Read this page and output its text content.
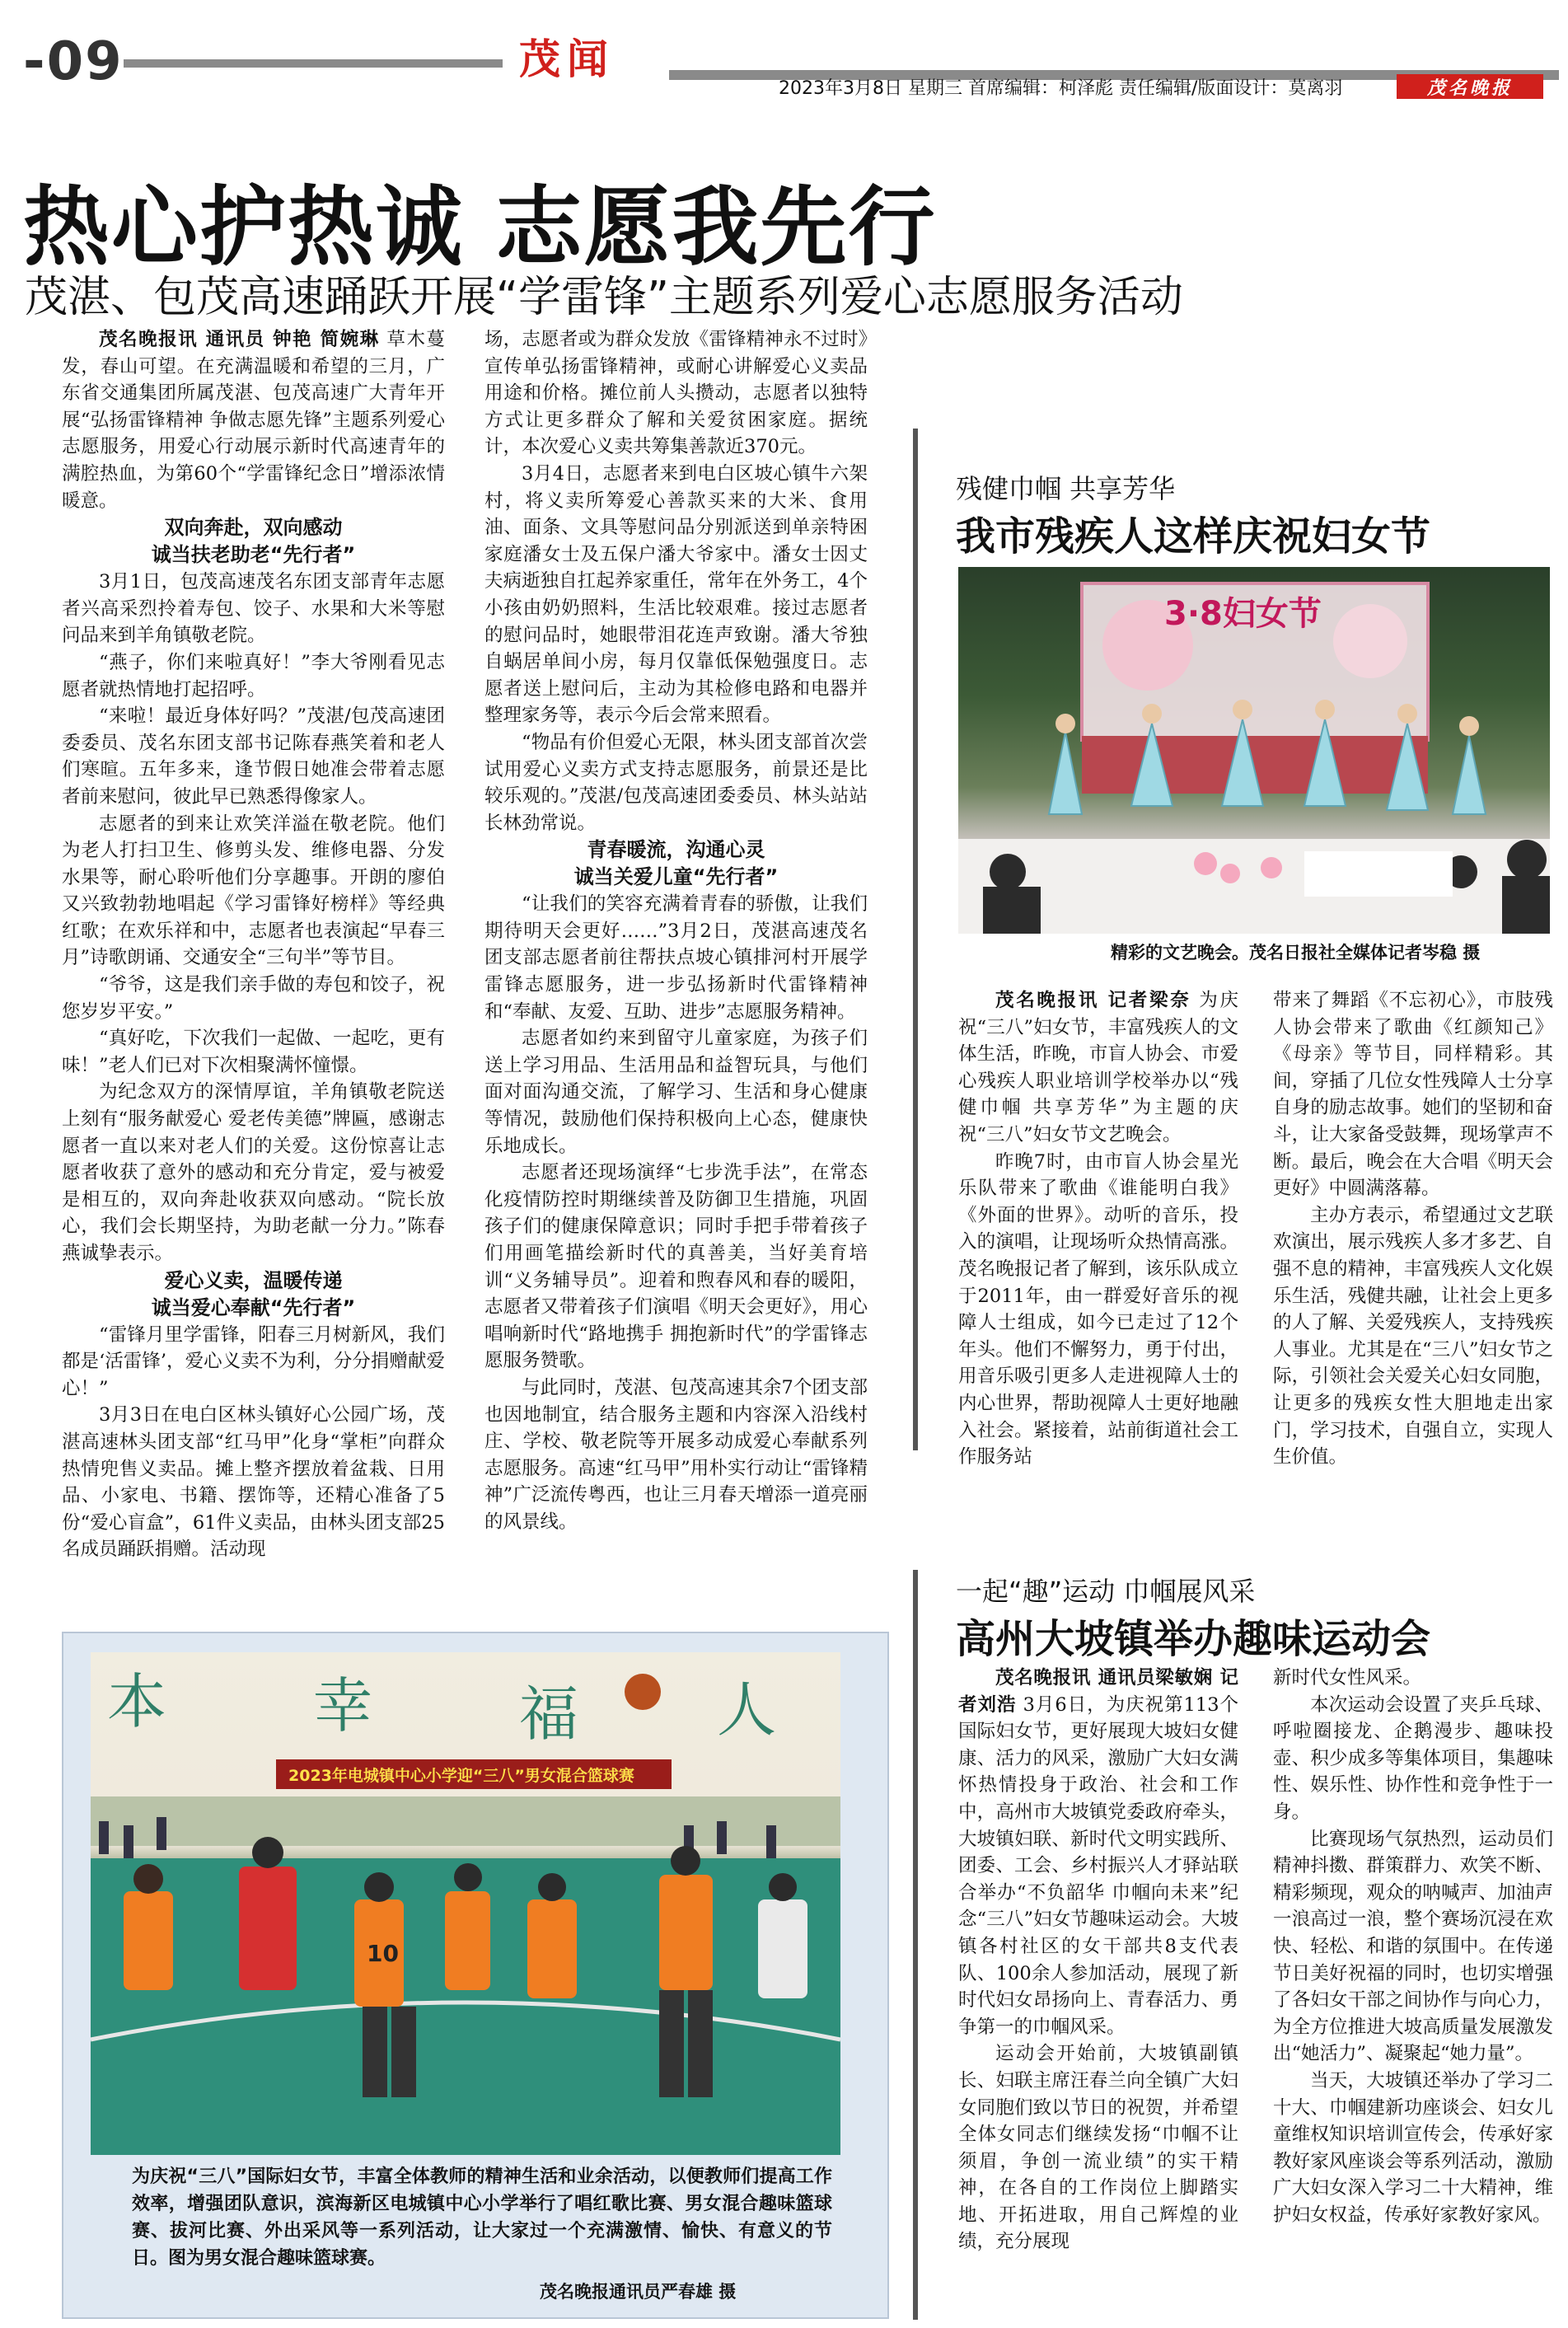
-09	茂闻
2023年3月8日 星期三 首席编辑：柯泽彪 责任编辑/版面设计：莫离羽	茂名晚报
热心护热诚 志愿我先行
茂湛、包茂高速踊跃开展“学雷锋”主题系列爱心志愿服务活动

茂名晚报讯 通讯员 钟艳 简婉琳 草木蔓发，春山可望。在充满温暖和希望的三月，广东省交通集团所属茂湛、包茂高速广大青年开展“弘扬雷锋精神 争做志愿先锋”主题系列爱心志愿服务，用爱心行动展示新时代高速青年的满腔热血，为第60个“学雷锋纪念日”增添浓情暖意。

双向奔赴，双向感动

诚当扶老助老“先行者”

3月1日，包茂高速茂名东团支部青年志愿者兴高采烈拎着寿包、饺子、水果和大米等慰问品来到羊角镇敬老院。

“燕子，你们来啦真好！”李大爷刚看见志愿者就热情地打起招呼。

“来啦！最近身体好吗？”茂湛/包茂高速团委委员、茂名东团支部书记陈春燕笑着和老人们寒暄。五年多来，逢节假日她准会带着志愿者前来慰问，彼此早已熟悉得像家人。

志愿者的到来让欢笑洋溢在敬老院。他们为老人打扫卫生、修剪头发、维修电器、分发水果等，耐心聆听他们分享趣事。开朗的廖伯又兴致勃勃地唱起《学习雷锋好榜样》等经典红歌；在欢乐祥和中，志愿者也表演起“早春三月”诗歌朗诵、交通安全“三句半”等节目。

“爷爷，这是我们亲手做的寿包和饺子，祝您岁岁平安。”

“真好吃，下次我们一起做、一起吃，更有味！”老人们已对下次相聚满怀憧憬。

为纪念双方的深情厚谊，羊角镇敬老院送上刻有“服务献爱心 爱老传美德”牌匾，感谢志愿者一直以来对老人们的关爱。这份惊喜让志愿者收获了意外的感动和充分肯定，爱与被爱是相互的，双向奔赴收获双向感动。“院长放心，我们会长期坚持，为助老献一分力。”陈春燕诚挚表示。

爱心义卖，温暖传递

诚当爱心奉献“先行者”

“雷锋月里学雷锋，阳春三月树新风，我们都是‘活雷锋’，爱心义卖不为利，分分捐赠献爱心！”

3月3日在电白区林头镇好心公园广场，茂湛高速林头团支部“红马甲”化身“掌柜”向群众热情兜售义卖品。摊上整齐摆放着盆栽、日用品、小家电、书籍、摆饰等，还精心准备了5份“爱心盲盒”，61件义卖品，由林头团支部25名成员踊跃捐赠。活动现

场，志愿者或为群众发放《雷锋精神永不过时》宣传单弘扬雷锋精神，或耐心讲解爱心义卖品用途和价格。摊位前人头攒动，志愿者以独特方式让更多群众了解和关爱贫困家庭。据统计，本次爱心义卖共筹集善款近370元。

3月4日，志愿者来到电白区坡心镇牛六架村，将义卖所筹爱心善款买来的大米、食用油、面条、文具等慰问品分别派送到单亲特困家庭潘女士及五保户潘大爷家中。潘女士因丈夫病逝独自扛起养家重任，常年在外务工，4个小孩由奶奶照料，生活比较艰难。接过志愿者的慰问品时，她眼带泪花连声致谢。潘大爷独自蜗居单间小房，每月仅靠低保勉强度日。志愿者送上慰问后，主动为其检修电路和电器并整理家务等，表示今后会常来照看。

“物品有价但爱心无限，林头团支部首次尝试用爱心义卖方式支持志愿服务，前景还是比较乐观的。”茂湛/包茂高速团委委员、林头站站长林劲常说。

青春暖流，沟通心灵

诚当关爱儿童“先行者”

“让我们的笑容充满着青春的骄傲，让我们期待明天会更好……”3月2日，茂湛高速茂名团支部志愿者前往帮扶点坡心镇排河村开展学雷锋志愿服务，进一步弘扬新时代雷锋精神和“奉献、友爱、互助、进步”志愿服务精神。

志愿者如约来到留守儿童家庭，为孩子们送上学习用品、生活用品和益智玩具，与他们面对面沟通交流，了解学习、生活和身心健康等情况，鼓励他们保持积极向上心态，健康快乐地成长。

志愿者还现场演绎“七步洗手法”，在常态化疫情防控时期继续普及防御卫生措施，巩固孩子们的健康保障意识；同时手把手带着孩子们用画笔描绘新时代的真善美，当好美育培训“义务辅导员”。迎着和煦春风和春的暖阳，志愿者又带着孩子们演唱《明天会更好》，用心唱响新时代“路地携手 拥抱新时代”的学雷锋志愿服务赞歌。

与此同时，茂湛、包茂高速其余7个团支部也因地制宜，结合服务主题和内容深入沿线村庄、学校、敬老院等开展多动成爱心奉献系列志愿服务。高速“红马甲”用朴实行动让“雷锋精神”广泛流传粤西，也让三月春天增添一道亮丽的风景线。

残健巾帼 共享芳华
我市残疾人这样庆祝妇女节
3·8妇女节
精彩的文艺晚会。茂名日报社全媒体记者岑稳 摄

茂名晚报讯 记者梁奈 为庆祝“三八”妇女节，丰富残疾人的文体生活，昨晚，市盲人协会、市爱心残疾人职业培训学校举办以“残健巾帼 共享芳华”为主题的庆祝“三八”妇女节文艺晚会。

昨晚7时，由市盲人协会星光乐队带来了歌曲《谁能明白我》《外面的世界》。动听的音乐，投入的演唱，让现场听众热情高涨。茂名晚报记者了解到，该乐队成立于2011年，由一群爱好音乐的视障人士组成，如今已走过了12个年头。他们不懈努力，勇于付出，用音乐吸引更多人走进视障人士的内心世界，帮助视障人士更好地融入社会。紧接着，站前街道社会工作服务站

带来了舞蹈《不忘初心》，市肢残人协会带来了歌曲《红颜知己》《母亲》等节目，同样精彩。其间，穿插了几位女性残障人士分享自身的励志故事。她们的坚韧和奋斗，让大家备受鼓舞，现场掌声不断。最后，晚会在大合唱《明天会更好》中圆满落幕。

主办方表示，希望通过文艺联欢演出，展示残疾人多才多艺、自强不息的精神，丰富残疾人文化娱乐生活，残健共融，让社会上更多的人了解、关爱残疾人，支持残疾人事业。尤其是在“三八”妇女节之际，引领社会关爱关心妇女同胞，让更多的残疾女性大胆地走出家门，学习技术，自强自立，实现人生价值。

一起“趣”运动 巾帼展风采
高州大坡镇举办趣味运动会

茂名晚报讯 通讯员梁敏娴 记者刘浩 3月6日，为庆祝第113个国际妇女节，更好展现大坡妇女健康、活力的风采，激励广大妇女满怀热情投身于政治、社会和工作中，高州市大坡镇党委政府牵头，大坡镇妇联、新时代文明实践所、团委、工会、乡村振兴人才驿站联合举办“不负韶华 巾帼向未来”纪念“三八”妇女节趣味运动会。大坡镇各村社区的女干部共8支代表队、100余人参加活动，展现了新时代妇女昂扬向上、青春活力、勇争第一的巾帼风采。

运动会开始前，大坡镇副镇长、妇联主席汪春兰向全镇广大妇女同胞们致以节日的祝贺，并希望全体女同志们继续发扬“巾帼不让须眉，争创一流业绩”的实干精神，在各自的工作岗位上脚踏实地、开拓进取，用自己辉煌的业绩，充分展现

新时代女性风采。

本次运动会设置了夹乒乓球、呼啦圈接龙、企鹅漫步、趣味投壶、积少成多等集体项目，集趣味性、娱乐性、协作性和竞争性于一身。

比赛现场气氛热烈，运动员们精神抖擞、群策群力、欢笑不断、精彩频现，观众的呐喊声、加油声一浪高过一浪，整个赛场沉浸在欢快、轻松、和谐的氛围中。在传递节日美好祝福的同时，也切实增强了各妇女干部之间协作与向心力，为全方位推进大坡高质量发展激发出“她活力”、凝聚起“她力量”。

当天，大坡镇还举办了学习二十大、巾帼建新功座谈会、妇女儿童维权知识培训宣传会，传承好家教好家风座谈会等系列活动，激励广大妇女深入学习二十大精神，维护妇女权益，传承好家教好家风。

本 幸 福 人
2023年电城镇中心小学迎“三八”男女混合篮球赛
10
为庆祝“三八”国际妇女节，丰富全体教师的精神生活和业余活动，以便教师们提高工作效率，增强团队意识，滨海新区电城镇中心小学举行了唱红歌比赛、男女混合趣味篮球赛、拔河比赛、外出采风等一系列活动，让大家过一个充满激情、愉快、有意义的节日。图为男女混合趣味篮球赛。
茂名晚报通讯员严春雄 摄
